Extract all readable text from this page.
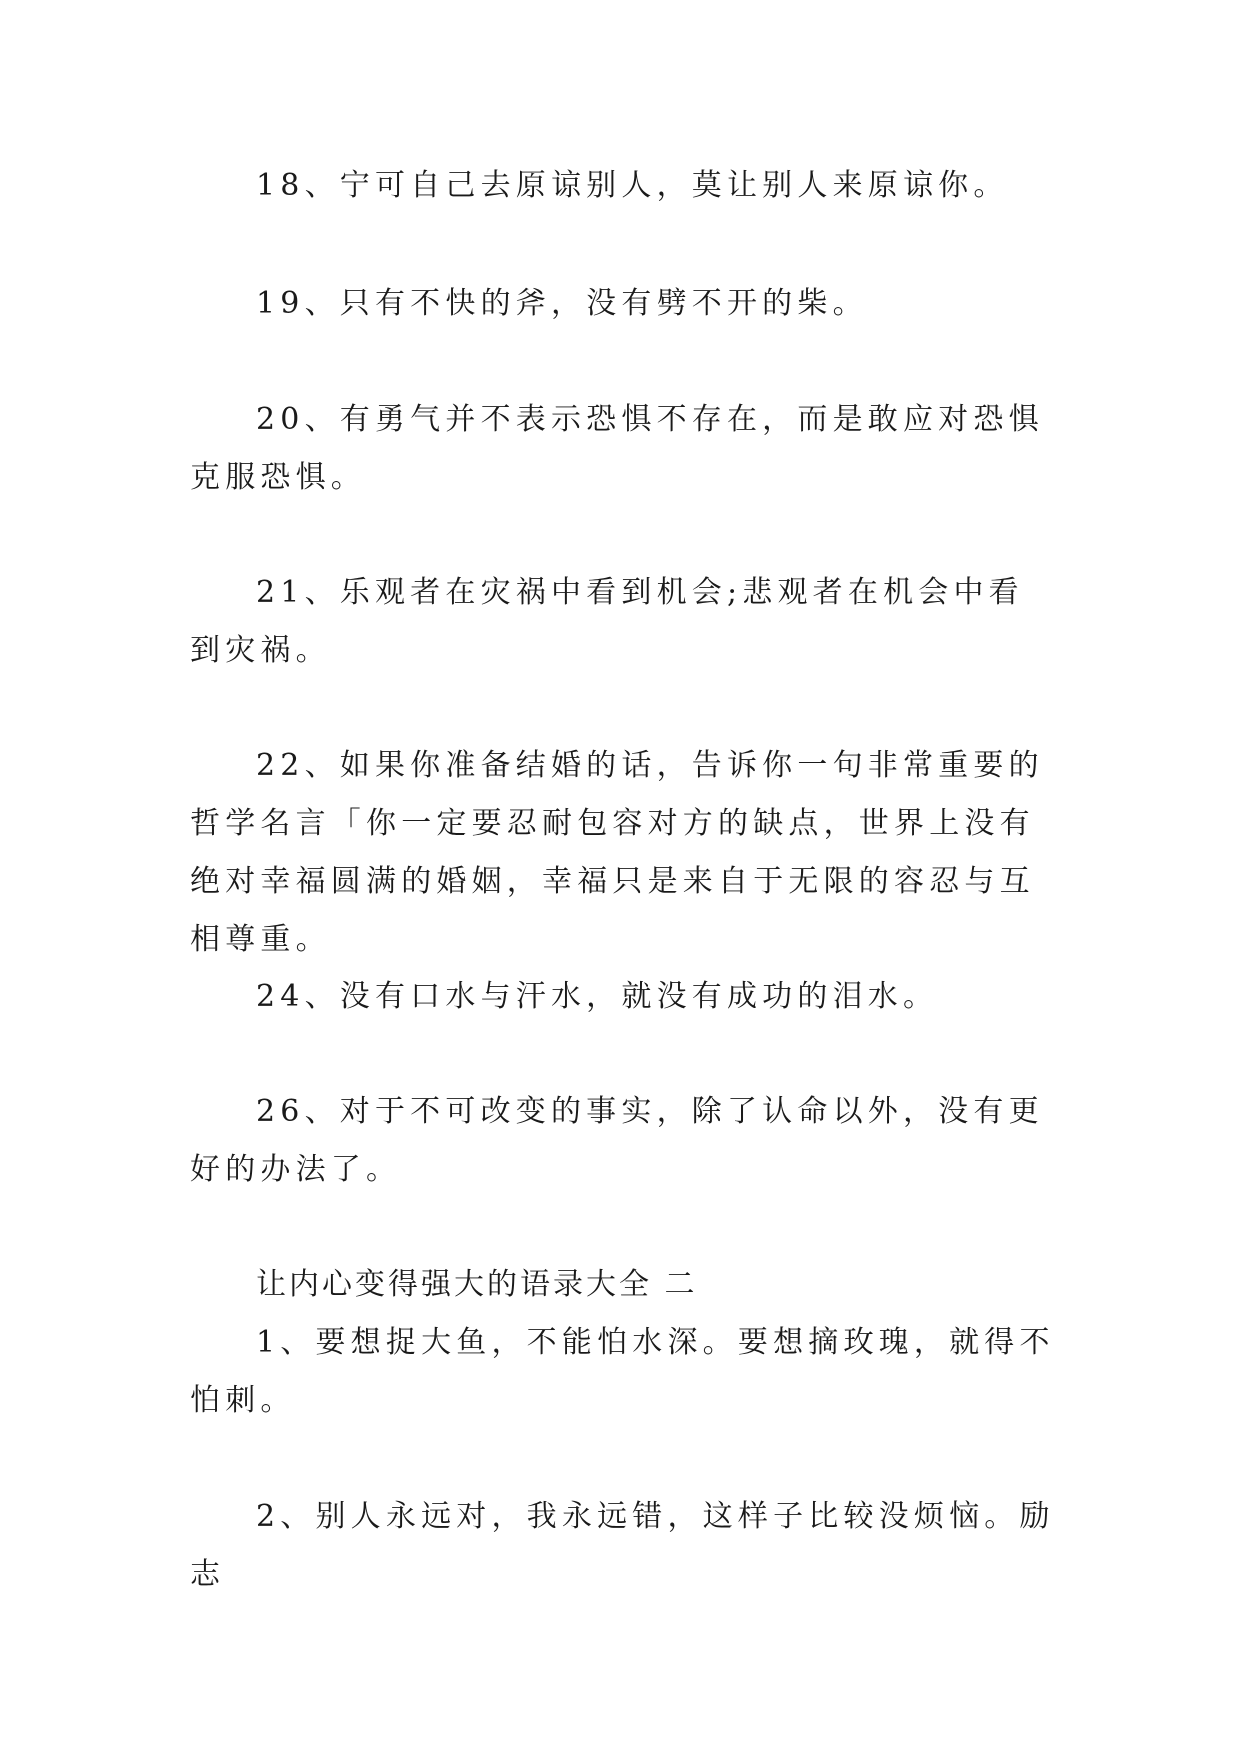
18、宁可自己去原谅别人，莫让别人来原谅你。

19、只有不快的斧，没有劈不开的柴。

20、有勇气并不表示恐惧不存在，而是敢应对恐惧克服恐惧。

21、乐观者在灾祸中看到机会;悲观者在机会中看到灾祸。

22、如果你准备结婚的话，告诉你一句非常重要的哲学名言「你一定要忍耐包容对方的缺点，世界上没有绝对幸福圆满的婚姻，幸福只是来自于无限的容忍与互相尊重。

24、没有口水与汗水，就没有成功的泪水。

26、对于不可改变的事实，除了认命以外，没有更好的办法了。

让内心变得强大的语录大全 二

1、要想捉大鱼，不能怕水深。要想摘玫瑰，就得不怕刺。

2、别人永远对，我永远错，这样子比较没烦恼。励志
